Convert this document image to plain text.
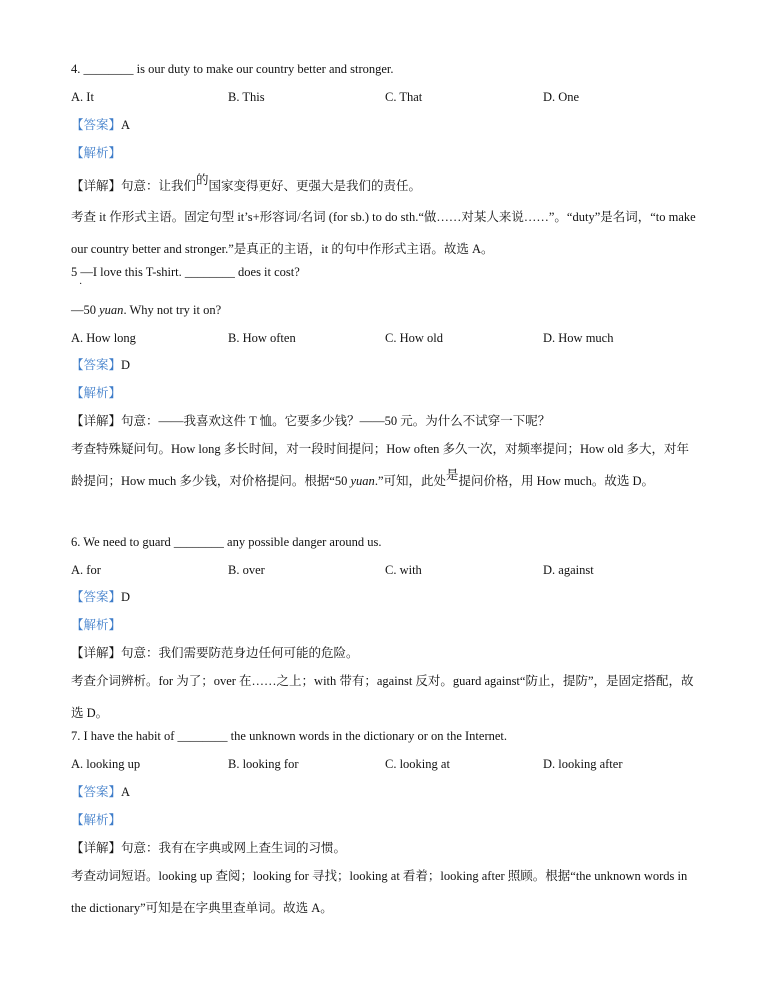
4. ________ is our duty to make our country better and stronger.
A. It	B. This	C. That	D. One
【答案】A
【解析】
【详解】句意：让我们的国家变得更好、更强大是我们的责任。
考查 it 作形式主语。固定句型 it’s+形容词/名词 (for sb.) to do sth.“做……对某人来说……”。“duty”是名词，“to make our country better and stronger.”是真正的主语，it 的句中作形式主语。故选 A。
5 —I love this T-shirt. ________ does it cost?
·
—50 yuan. Why not try it on?
A. How long	B. How often	C. How old	D. How much
【答案】D
【解析】
【详解】句意：——我喜欢这件 T 恤。它要多少钱？——50 元。为什么不试穿一下呢？
考查特殊疑问句。How long 多长时间，对一段时间提问；How often 多久一次，对频率提问；How old 多大，对年龄提问；How much 多少钱，对价格提问。根据“50 yuan.”可知，此处是提问价格，用 How much。故选 D。
6. We need to guard ________ any possible danger around us.
A. for	B. over	C. with	D. against
【答案】D
【解析】
【详解】句意：我们需要防范身边任何可能的危险。
考查介词辨析。for 为了；over 在……之上；with 带有；against 反对。guard against“防止，提防”，是固定搭配，故选 D。
7. I have the habit of ________ the unknown words in the dictionary or on the Internet.
A. looking up	B. looking for	C. looking at	D. looking after
【答案】A
【解析】
【详解】句意：我有在字典或网上查生词的习惯。
考查动词短语。looking up 查阅；looking for 寻找；looking at 看着；looking after 照顾。根据“the unknown words in the dictionary”可知是在字典里查单词。故选 A。
